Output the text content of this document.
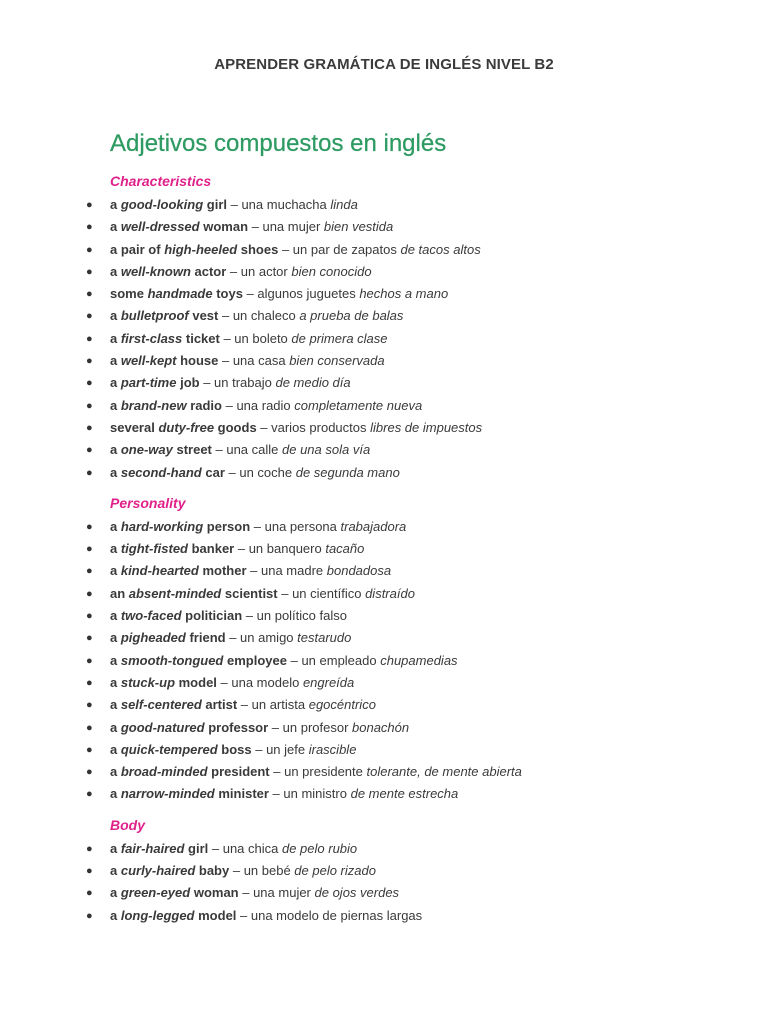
APRENDER GRAMÁTICA DE INGLÉS NIVEL B2
Adjetivos compuestos en inglés
Characteristics
● a good-looking girl – una muchacha linda
● a well-dressed woman – una mujer bien vestida
● a pair of high-heeled shoes – un par de zapatos de tacos altos
● a well-known actor – un actor bien conocido
● some handmade toys – algunos juguetes hechos a mano
● a bulletproof vest – un chaleco a prueba de balas
● a first-class ticket – un boleto de primera clase
● a well-kept house – una casa bien conservada
● a part-time job – un trabajo de medio día
● a brand-new radio – una radio completamente nueva
● several duty-free goods – varios productos libres de impuestos
● a one-way street – una calle de una sola vía
● a second-hand car – un coche de segunda mano
Personality
● a hard-working person – una persona trabajadora
● a tight-fisted banker – un banquero tacaño
● a kind-hearted mother – una madre bondadosa
● an absent-minded scientist – un científico distraído
● a two-faced politician – un político falso
● a pigheaded friend – un amigo testarudo
● a smooth-tongued employee – un empleado chupamedias
● a stuck-up model – una modelo engreída
● a self-centered artist – un artista egocéntrico
● a good-natured professor – un profesor bonachón
● a quick-tempered boss – un jefe irascible
● a broad-minded president – un presidente tolerante, de mente abierta
● a narrow-minded minister – un ministro de mente estrecha
Body
● a fair-haired girl – una chica de pelo rubio
● a curly-haired baby – un bebé de pelo rizado
● a green-eyed woman – una mujer de ojos verdes
● a long-legged model – una modelo de piernas largas
